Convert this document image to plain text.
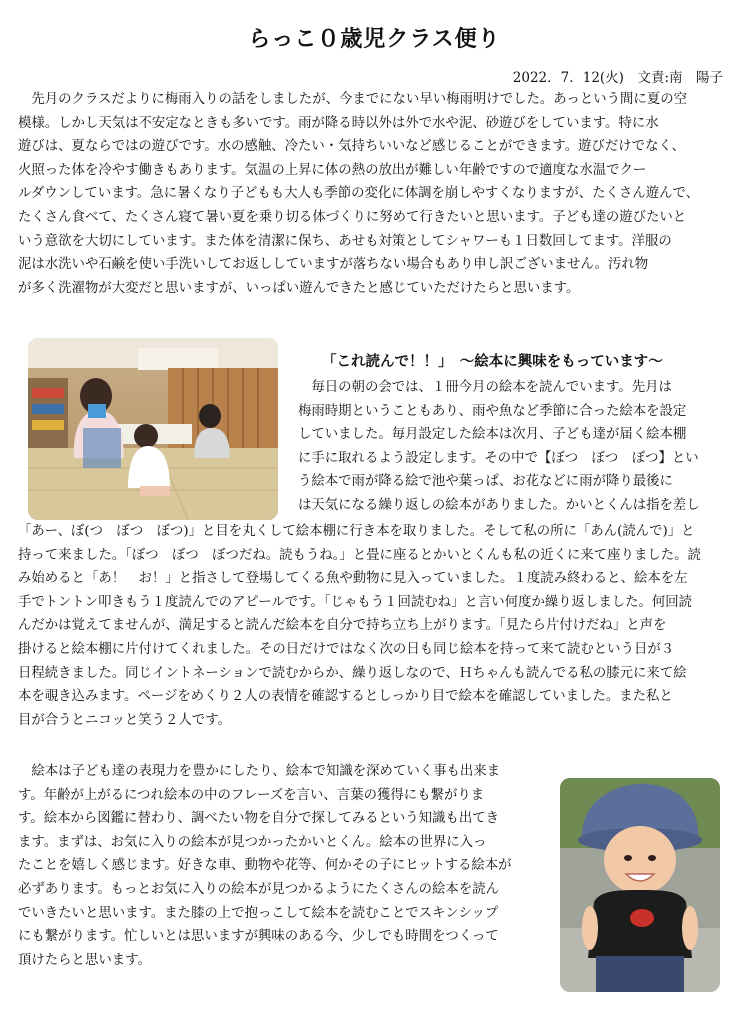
らっこ０歳児クラス便り
2022．7．12(火)　文責:南　陽子
　先月のクラスだよりに梅雨入りの話をしましたが、今までにない早い梅雨明けでした。あっという間に夏の空
模様。しかし天気は不安定なときも多いです。雨が降る時以外は外で水や泥、砂遊びをしています。特に水
遊びは、夏ならではの遊びです。水の感触、冷たい・気持ちいいなど感じることができます。遊びだけでなく、
火照った体を冷やす働きもあります。気温の上昇に体の熱の放出が難しい年齢ですので適度な水温でクー
ルダウンしています。急に暑くなり子どもも大人も季節の変化に体調を崩しやすくなりますが、たくさん遊んで、
たくさん食べて、たくさん寝て暑い夏を乗り切る体づくりに努めて行きたいと思います。子ども達の遊びたいと
いう意欲を大切にしています。また体を清潔に保ち、あせも対策としてシャワーも１日数回してます。洋服の
泥は水洗いや石鹸を使い手洗いしてお返ししていますが落ちない場合もあり申し訳ございません。汚れ物
が多く洗濯物が大変だと思いますが、いっぱい遊んできたと感じていただけたらと思います。
「これ読んで！！」　～絵本に興味をもっています～
　毎日の朝の会では、１冊今月の絵本を読んでいます。先月は
梅雨時期ということもあり、雨や魚など季節に合った絵本を設定
していました。毎月設定した絵本は次月、子ども達が届く絵本棚
に手に取れるよう設定します。その中で【ぼつ　ぼつ　ぼつ】とい
う絵本で雨が降る絵で池や葉っぱ、お花などに雨が降り最後に
は天気になる繰り返しの絵本がありました。かいとくんは指を差し
「あー、ぼ(つ　ぼつ　ぼつ)」と目を丸くして絵本棚に行き本を取りました。そして私の所に「あん(読んで)」と
持って来ました。「ぼつ　ぼつ　ぼつだね。読もうね。」と畳に座るとかいとくんも私の近くに来て座りました。読
み始めると「あ！　お！」と指さして登場してくる魚や動物に見入っていました。１度読み終わると、絵本を左
手でトントン叩きもう１度読んでのアピールです。「じゃもう１回読むね」と言い何度か繰り返しました。何回読
んだかは覚えてませんが、満足すると読んだ絵本を自分で持ち立ち上がります。「見たら片付けだね」と声を
掛けると絵本棚に片付けてくれました。その日だけではなく次の日も同じ絵本を持って来て読むという日が３
日程続きました。同じイントネーションで読むからか、繰り返しなので、Ｈちゃんも読んでる私の膝元に来て絵
本を覗き込みます。ページをめくり２人の表情を確認するとしっかり目で絵本を確認していました。また私と
目が合うとニコッと笑う２人です。
　絵本は子ども達の表現力を豊かにしたり、絵本で知識を深めていく事も出来ま
す。年齢が上がるにつれ絵本の中のフレーズを言い、言葉の獲得にも繋がりま
す。絵本から図鑑に替わり、調べたい物を自分で探してみるという知識も出てき
ます。まずは、お気に入りの絵本が見つかったかいとくん。絵本の世界に入っ
たことを嬉しく感じます。好きな車、動物や花等、何かその子にヒットする絵本が
必ずあります。もっとお気に入りの絵本が見つかるようにたくさんの絵本を読ん
でいきたいと思います。また膝の上で抱っこして絵本を読むことでスキンシップ
にも繋がります。忙しいとは思いますが興味のある今、少しでも時間をつくって
頂けたらと思います。
